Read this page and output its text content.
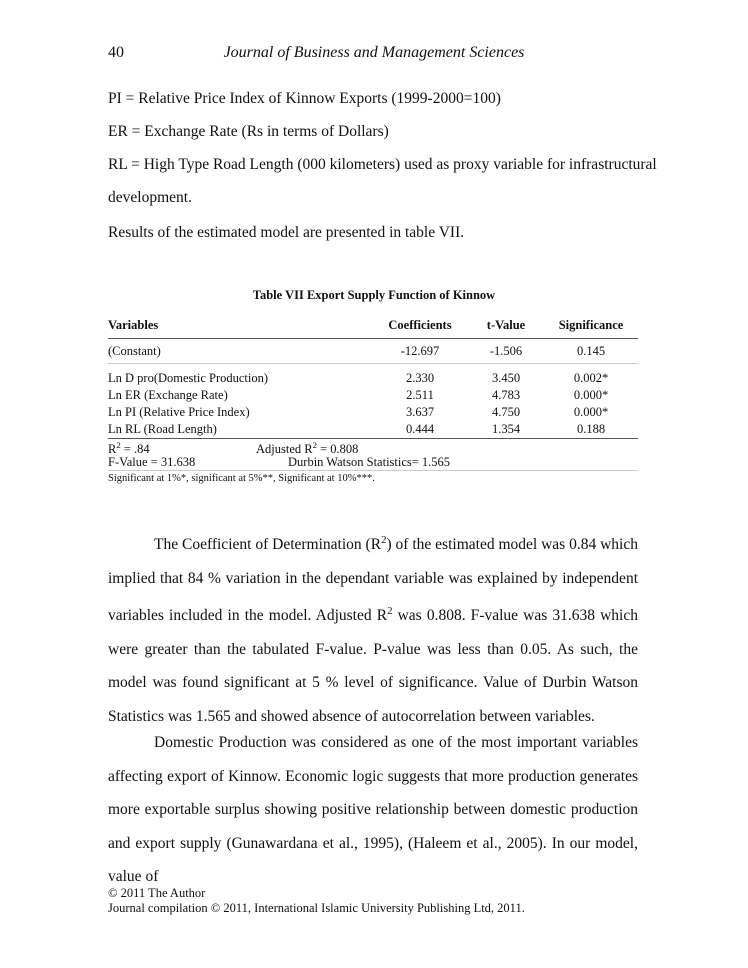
40	Journal of Business and Management Sciences
PI = Relative Price Index of Kinnow Exports (1999-2000=100)
ER = Exchange Rate (Rs in terms of Dollars)
RL = High Type Road Length (000 kilometers) used as proxy variable for infrastructural
development.
Results of the estimated model are presented in table VII.
Table VII Export Supply Function of Kinnow
Variables	Coefficients	t-Value	Significance
(Constant)	-12.697	-1.506	0.145

Ln D pro(Domestic Production)	2.330	3.450	0.002*
Ln ER (Exchange Rate)	2.511	4.783	0.000*
Ln PI (Relative Price Index)	3.637	4.750	0.000*
Ln RL (Road Length)	0.444	1.354	0.188
$R^2 = .84$	Adjusted $R^2 = 0.808$
F-Value = 31.638	Durbin Watson Statistics= 1.565
Significant at 1%*, significant at 5%**, Significant at 10%***.

The Coefficient of Determination $(R^2)$ of the estimated model was 0.84 which implied that 84 % variation in the dependant variable was explained by independent variables included in the model. Adjusted $R^2$ was 0.808. F-value was 31.638 which were greater than the tabulated F-value. P-value was less than 0.05. As such, the model was found significant at 5 % level of significance. Value of Durbin Watson Statistics was 1.565 and showed absence of autocorrelation between variables.

Domestic Production was considered as one of the most important variables affecting export of Kinnow. Economic logic suggests that more production generates more exportable surplus showing positive relationship between domestic production and export supply (Gunawardana et al., 1995), (Haleem et al., 2005). In our model, value of

© 2011 The Author
Journal compilation © 2011, International Islamic University Publishing Ltd, 2011.
